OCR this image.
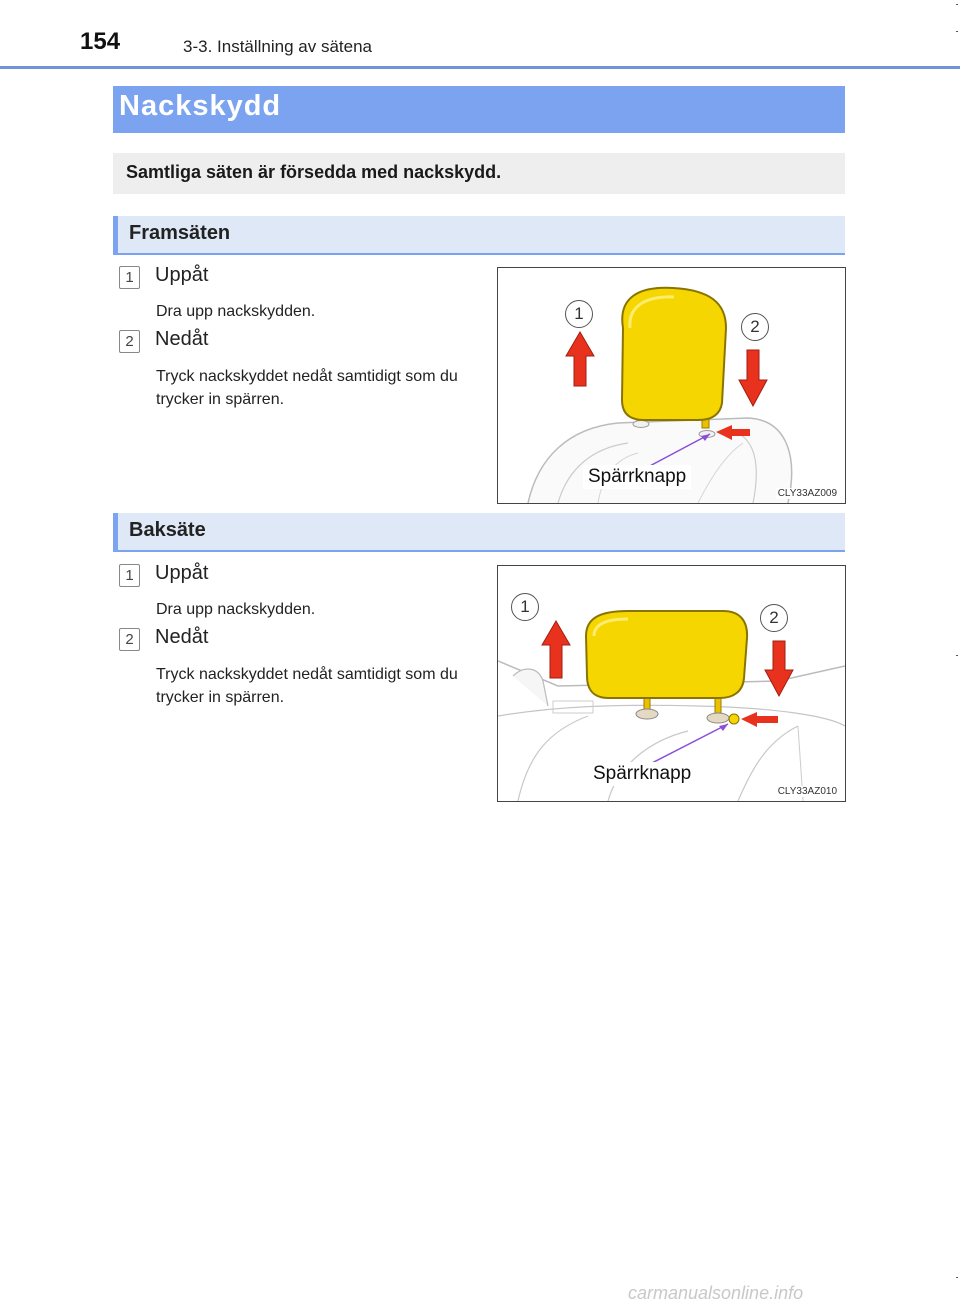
154	3-3. Inställning av sätena
Nackskydd
Samtliga säten är försedda med nackskydd.
Framsäten
1	Uppåt
Dra upp nackskydden.
2	Nedåt
Tryck nackskyddet nedåt samtidigt som du trycker in spärren.
1
2
Spärrknapp
CLY33AZ009
Baksäte
1	Uppåt
Dra upp nackskydden.
2	Nedåt
Tryck nackskyddet nedåt samtidigt som du trycker in spärren.
1
2
Spärrknapp
CLY33AZ010
carmanualsonline.info
